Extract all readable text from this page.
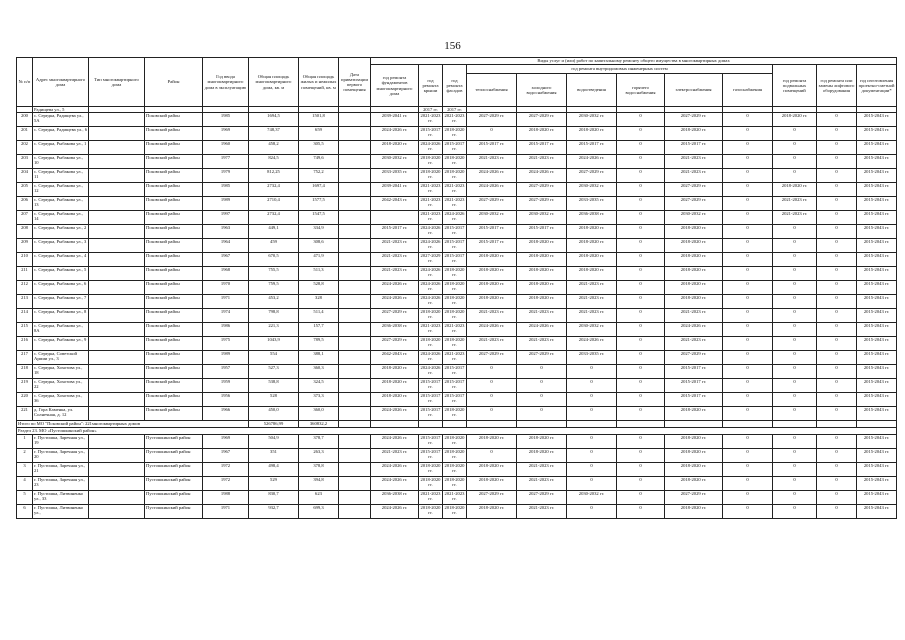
156
№ п/п	Адрес многоквартирного дома	Тип многоквартирного дома	Район	Год ввода многоквартирного дома в эксплуатацию	Общая площадь многоквартирного дома, кв. м	Общая площадь жилых и нежилых помещений, кв. м	Дата приватизации первого помещения	Виды услуг и (или) работ по капитальному ремонту общего имущества в многоквартирных домах											
								год ремонта фундаментов многоквартирного дома	год ремонта крыши	год ремонта фасадов	год ремонта внутридомовых инженерных систем						год ремонта подвальных помещений	год ремонта или замены лифтового оборудования	год изготовления проектно-сметной документации*
											теплоснабжения	холодного водоснабжения	водоотведения	горячего водоснабжения	электроснабжения	газоснабжения			
	Радищева ул., 5								2017 гг.	2017 гг.									
200	с. Середка, Радищева ул., 5А		Псковский район	1985	1694,5	1501,8		2039-2041 гг.	2021-2023 гг.	2021-2023 гг.	2027-2029 гг.	2027-2029 гг.	2030-2032 гг.	0	2027-2029 гг.	0	2018-2020 гг.	0	2015-2043 гг.
201	с. Середка, Радищева ул., 6		Псковский район	1969	748,37	659		2024-2026 гг.	2015-2017 гг.	2018-2020 гг.	0	2018-2020 гг.	2018-2020 гг.	0	2018-2020 гг.	0	0	0	2015-2043 гг.
202	с. Середка, Рыбакова ул., 1		Псковский район	1960	458,2	305,5		2018-2020 гг.	2024-2026 гг.	2015-2017 гг.	2015-2017 гг.	2015-2017 гг.	2015-2017 гг.	0	2015-2017 гг.	0	0	0	2015-2043 гг.
203	с. Середка, Рыбакова ул., 10		Псковский район	1977	824,5	749,6		2030-2032 гг.	2018-2020 гг.	2018-2020 гг.	2021-2023 гг.	2021-2023 гг.	2024-2026 гг.	0	2021-2023 гг.	0	0	0	2015-2043 гг.
204	с. Середка, Рыбакова ул., 11		Псковский район	1979	812,25	752,2		2033-2035 гг.	2018-2020 гг.	2018-2020 гг.	2024-2026 гг.	2024-2026 гг.	2027-2029 гг.	0	2021-2023 гг.	0	0	0	2015-2043 гг.
205	с. Середка, Рыбакова ул., 12		Псковский район	1985	2732,4	1697,4		2039-2041 гг.	2021-2023 гг.	2021-2023 гг.	2024-2026 гг.	2027-2029 гг.	2030-2032 гг.	0	2027-2029 гг.	0	2018-2020 гг.	0	2015-2043 гг.
206	с. Середка, Рыбакова ул., 13		Псковский район	1989	2710,4	1577,5		2042-2043 гг.	2021-2023 гг.	2021-2023 гг.	2027-2029 гг.	2027-2029 гг.	2033-2035 гг.	0	2027-2029 гг.	0	2021-2023 гг.	0	2015-2043 гг.
207	с. Середка, Рыбакова ул., 14		Псковский район	1997	2732,4	1547,5			2021-2023 гг.	2024-2026 гг.	2030-2032 гг.	2030-2032 гг.	2036-2038 гг.	0	2030-2032 гг.	0	2021-2023 гг.	0	2015-2043 гг.
208	с. Середка, Рыбакова ул., 2		Псковский район	1963	449,1	334,9		2015-2017 гг.	2024-2026 гг.	2015-2017 гг.	2015-2017 гг.	2015-2017 гг.	2018-2020 гг.	0	2018-2020 гг.	0	0	0	2015-2043 гг.
209	с. Середка, Рыбакова ул., 3		Псковский район	1964	459	308,6		2021-2023 гг.	2024-2026 гг.	2015-2017 гг.	2015-2017 гг.	2018-2020 гг.	2018-2020 гг.	0	2018-2020 гг.	0	0	0	2015-2043 гг.
210	с. Середка, Рыбакова ул., 4		Псковский район	1967	670,5	471,9		2021-2023 гг.	2027-2029 гг.	2015-2017 гг.	2018-2020 гг.	2018-2020 гг.	2018-2020 гг.	0	2018-2020 гг.	0	0	0	2015-2043 гг.
211	с. Середка, Рыбакова ул., 5		Псковский район	1968	755,5	511,3		2021-2023 гг.	2024-2026 гг.	2018-2020 гг.	2018-2020 гг.	2018-2020 гг.	2018-2020 гг.	0	2018-2020 гг.	0	0	0	2015-2043 гг.
212	с. Середка, Рыбакова ул., 6		Псковский район	1970	759,5	528,8		2024-2026 гг.	2024-2026 гг.	2018-2020 гг.	2018-2020 гг.	2018-2020 гг.	2021-2023 гг.	0	2018-2020 гг.	0	0	0	2015-2043 гг.
213	с. Середка, Рыбакова ул., 7		Псковский район	1971	453,2	328		2024-2026 гг.	2024-2026 гг.	2018-2020 гг.	2018-2020 гг.	2018-2020 гг.	2021-2023 гг.	0	2018-2020 гг.	0	0	0	2015-2043 гг.
214	с. Середка, Рыбакова ул., 8		Псковский район	1974	798,8	511,4		2027-2029 гг.	2018-2020 гг.	2018-2020 гг.	2021-2023 гг.	2021-2023 гг.	2021-2023 гг.	0	2021-2023 гг.	0	0	0	2015-2043 гг.
215	с. Середка, Рыбакова ул., 8А		Псковский район	1986	221,3	157,7		2036-2038 гг.	2021-2023 гг.	2021-2023 гг.	2024-2026 гг.	2024-2026 гг.	2030-2032 гг.	0	2024-2026 гг.	0	0	0	2015-2043 гг.
216	с. Середка, Рыбакова ул., 9		Псковский район	1975	1043,9	789,5		2027-2029 гг.	2018-2020 гг.	2018-2020 гг.	2021-2023 гг.	2021-2023 гг.	2024-2026 гг.	0	2021-2023 гг.	0	0	0	2015-2043 гг.
217	с. Середка, Советской Армии ул., 3		Псковский район	1989	554	388,1		2042-2043 гг.	2024-2026 гг.	2021-2023 гг.	2027-2029 гг.	2027-2029 гг.	2033-2035 гг.	0	2027-2029 гг.	0	0	0	2015-2043 гг.
218	с. Середка, Хохотова ул., 18		Псковский район	1957	527,3	360,3		2018-2020 гг.	2024-2026 гг.	2015-2017 гг.	0	0	0	0	2015-2017 гг.	0	0	0	2015-2043 гг.
219	с. Середка, Хохотова ул., 22		Псковский район	1959	538,8	324,5		2018-2020 гг.	2015-2017 гг.	2015-2017 гг.	0	0	0	0	2015-2017 гг.	0	0	0	2015-2043 гг.
220	с. Середка, Хохотова ул., 36		Псковский район	1956	528	373,3		2018-2020 гг.	2015-2017 гг.	2015-2017 гг.	0	0	0	0	2015-2017 гг.	0	0	0	2015-2043 гг.
221	д. Гора Каменка, ул. Солнечная, д. 12		Псковский район	1966	450,0	360,0		2024-2026 гг.	2015-2017 гг.	2018-2020 гг.	0	0	0	0	2018-2020 гг.	0	0	0	2015-2043 гг.
Итого по МО "Псковский район": 221многоквартирных домов					526786,99	360832,2													
Раздел 23. МО «Пустошкинский район»																			
1	г. Пустошка, Заречная ул., 19		Пустошкинский район	1969	504,9	378,7		2024-2026 гг.	2015-2017 гг.	2018-2020 гг.	2018-2020 гг.	2018-2020 гг.	0	0	2018-2020 гг.	0	0	0	2015-2043 гг.
2	г. Пустошка, Заречная ул., 20		Пустошкинский район	1967	351	263,3		2021-2023 гг.	2015-2017 гг.	2018-2020 гг.	0	2018-2020 гг.	0	0	2018-2020 гг.	0	0	0	2015-2043 гг.
3	г. Пустошка, Заречная ул., 21		Пустошкинский район	1972	498,4	378,8		2024-2026 гг.	2018-2020 гг.	2018-2020 гг.	2018-2020 гг.	2021-2023 гг.	0	0	2018-2020 гг.	0	0	0	2015-2043 гг.
4	г. Пустошка, Заречная ул., 23		Пустошкинский район	1972	529	394,8		2024-2026 гг.	2018-2020 гг.	2018-2020 гг.	2018-2020 гг.	2021-2023 гг.	0	0	2018-2020 гг.	0	0	0	2015-2043 гг.
5	г. Пустошка, Литвиненко ул., 33		Пустошкинский район	1988	830,7	623		2036-2038 гг.	2021-2023 гг.	2021-2023 гг.	2027-2029 гг.	2027-2029 гг.	2030-2032 гг.	0	2027-2029 гг.	0	0	0	2015-2043 гг.
6	г. Пустошка, Литвиненко ул.,		Пустошкинский район	1971	932,7	699,3		2024-2026 гг.	2018-2020 гг.	2018-2020 гг.	2018-2020 гг.	2021-2023 гг.	0	0	2018-2020 гг.	0	0	0	2015-2043 гг.
